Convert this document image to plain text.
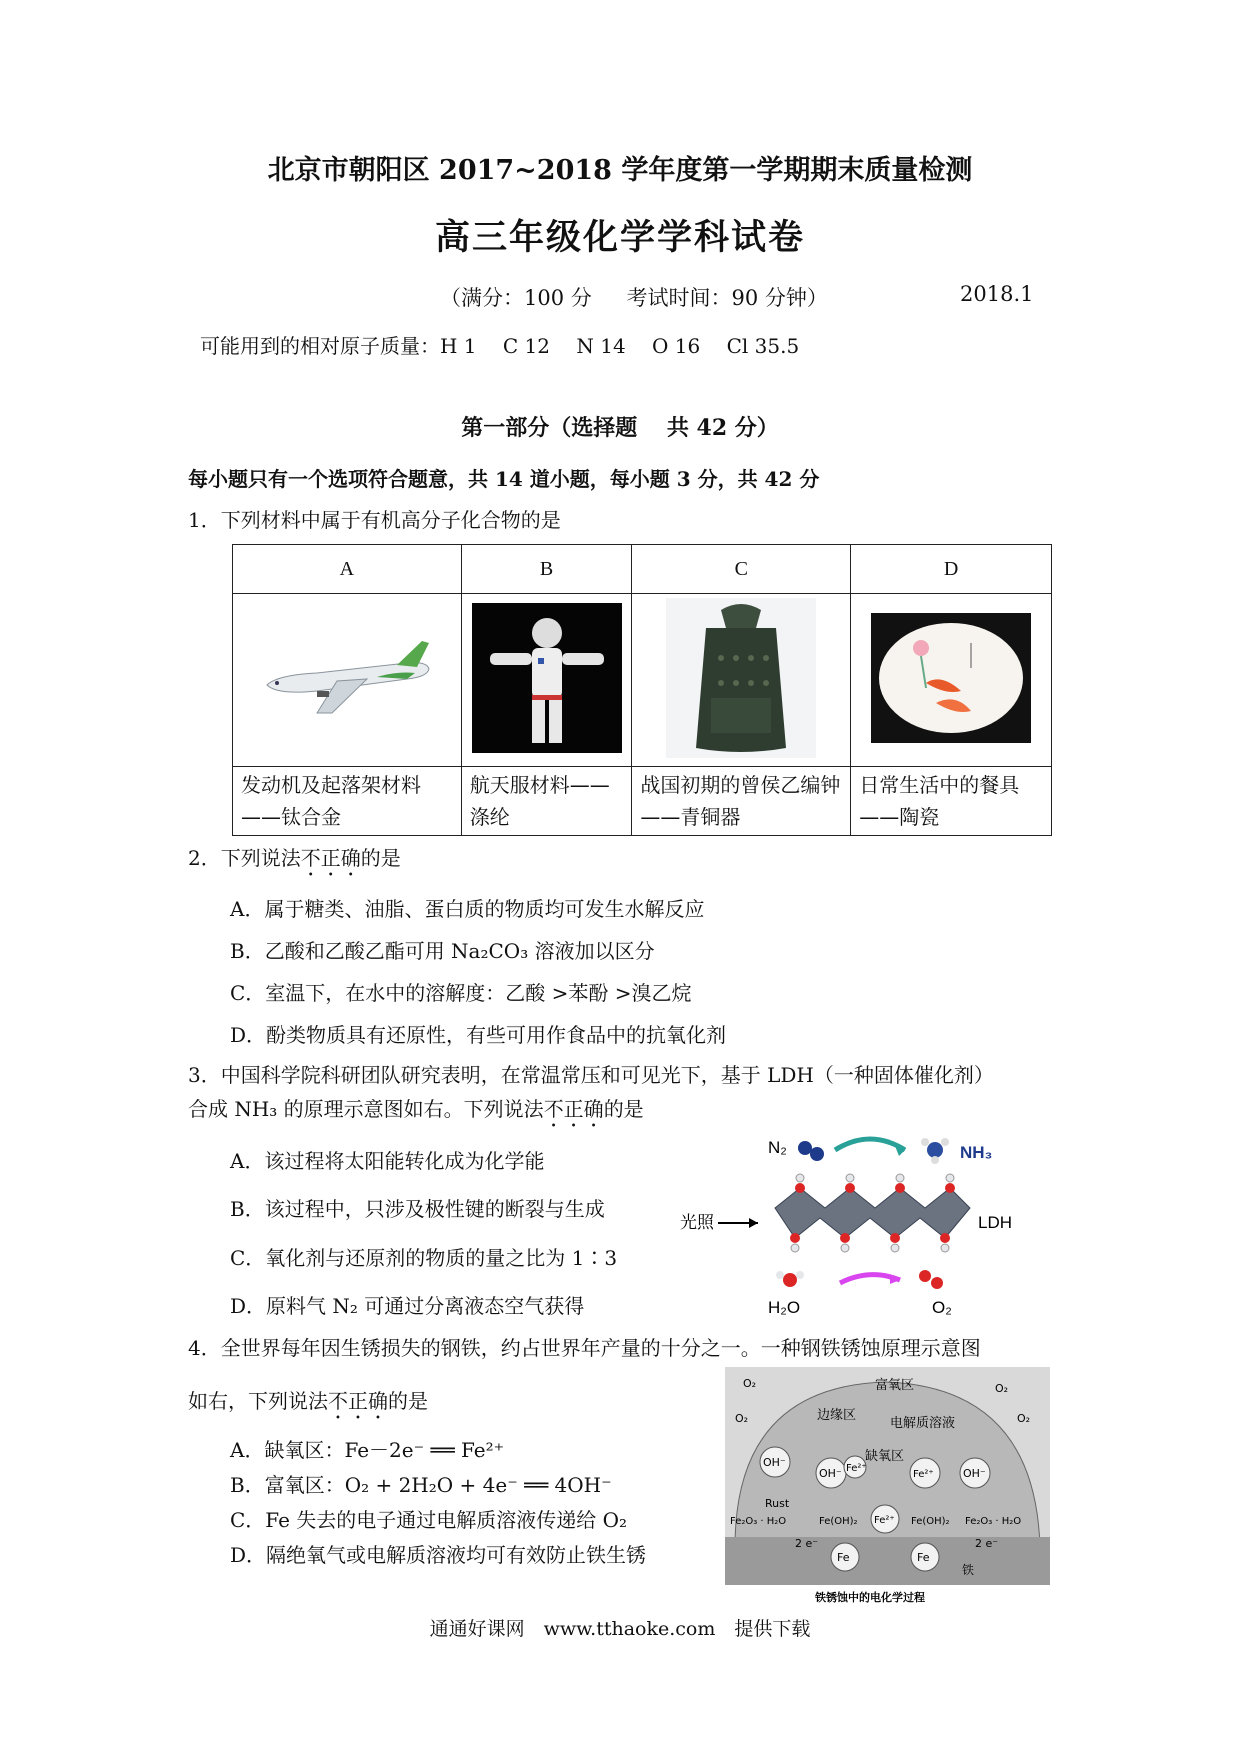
北京市朝阳区 2017~2018 学年度第一学期期末质量检测
高三年级化学学科试卷
（满分：100 分 考试时间：90 分钟）	2018.1
可能用到的相对原子质量：H 1 C 12 N 14 O 16 Cl 35.5
第一部分（选择题　 共 42 分）
每小题只有一个选项符合题意，共 14 道小题，每小题 3 分，共 42 分
1．下列材料中属于有机高分子化合物的是
A	B	C	D

发动机及起落架材料——钛合金	航天服材料——涤纶	战国初期的曾侯乙编钟——青铜器	日常生活中的餐具——陶瓷
2．下列说法不正确的是
A．属于糖类、油脂、蛋白质的物质均可发生水解反应
B．乙酸和乙酸乙酯可用 Na₂CO₃ 溶液加以区分
C．室温下，在水中的溶解度：乙酸 >苯酚 >溴乙烷
D．酚类物质具有还原性，有些可用作食品中的抗氧化剂
3．中国科学院科研团队研究表明，在常温常压和可见光下，基于 LDH（一种固体催化剂）
合成 NH₃ 的原理示意图如右。下列说法不正确的是
A．该过程将太阳能转化成为化学能
B．该过程中，只涉及极性键的断裂与生成
C．氧化剂与还原剂的物质的量之比为 1∶3
D．原料气 N₂ 可通过分离液态空气获得
N₂	NH₃
光照	LDH
H₂O	O₂
4．全世界每年因生锈损失的钢铁，约占世界年产量的十分之一。一种钢铁锈蚀原理示意图
如右，下列说法不正确的是
A．缺氧区：Fe－2e⁻ ══ Fe²⁺
B．富氧区：O₂ + 2H₂O + 4e⁻ ══ 4OH⁻
C．Fe 失去的电子通过电解质溶液传递给 O₂
D．隔绝氧气或电解质溶液均可有效防止铁生锈
富氧区
边缘区
电解质溶液
缺氧区
O₂	O₂
O₂	O₂
OH⁻
OH⁻	OH⁻
Fe²⁺
Fe²⁺
Fe²⁺
Rust
Fe₂O₃ · H₂O	Fe(OH)₂	Fe(OH)₂ Fe₂O₃ · H₂O
Fe
Fe
2 e⁻	2 e⁻
铁
铁锈蚀中的电化学过程
通通好课网　www.tthaoke.com　提供下载
